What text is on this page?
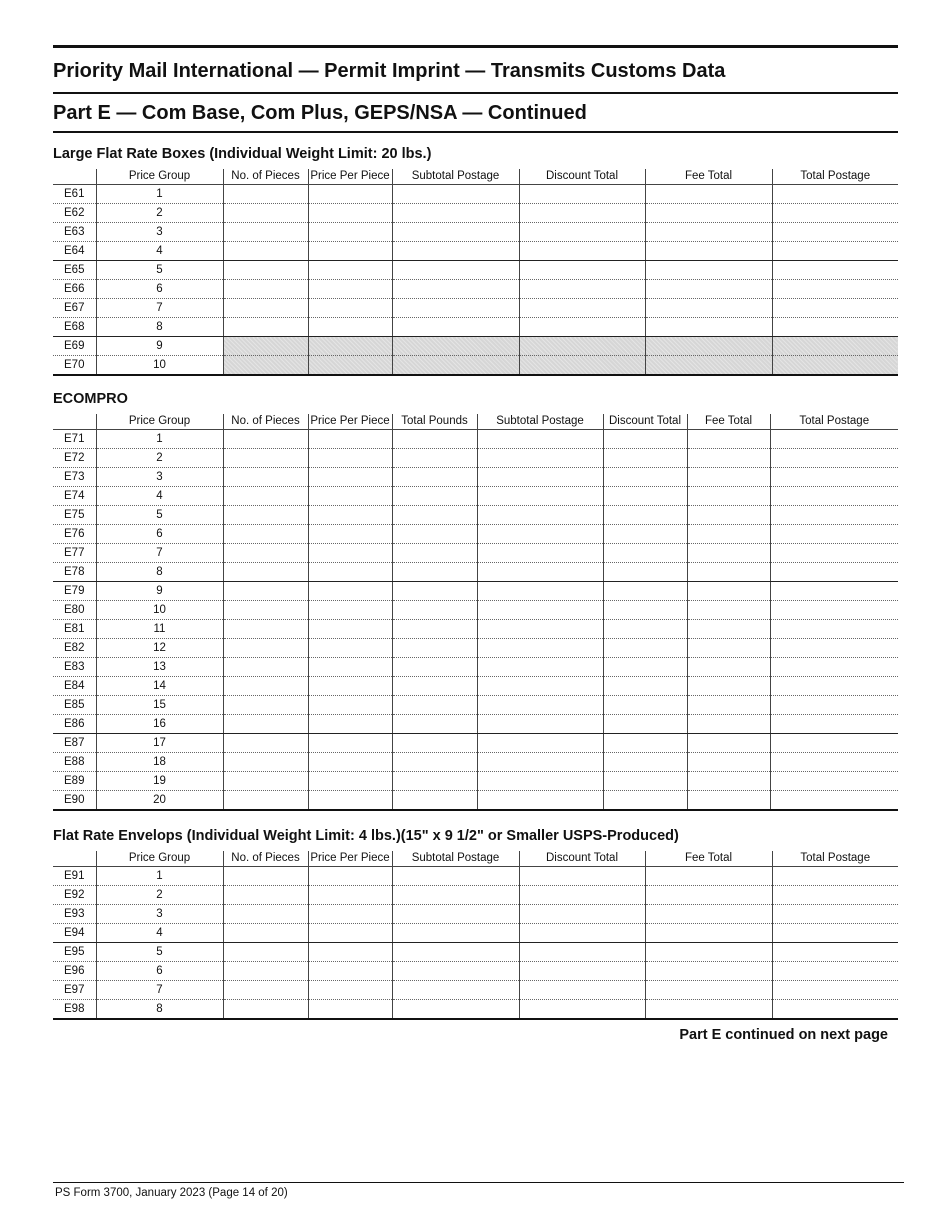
Priority Mail International — Permit Imprint — Transmits Customs Data
Part E — Com Base, Com Plus, GEPS/NSA — Continued
Large Flat Rate Boxes (Individual Weight Limit: 20 lbs.)
	Price Group	No. of Pieces	Price Per Piece	Subtotal Postage	Discount Total	Fee Total	Total Postage
E61	1						
E62	2						
E63	3						
E64	4						
E65	5						
E66	6						
E67	7						
E68	8						
E69	9						
E70	10						
ECOMPRO
	Price Group	No. of Pieces	Price Per Piece	Total Pounds	Subtotal Postage	Discount Total	Fee Total	Total Postage
E71	1							
E72	2							
E73	3							
E74	4							
E75	5							
E76	6							
E77	7							
E78	8							
E79	9							
E80	10							
E81	11							
E82	12							
E83	13							
E84	14							
E85	15							
E86	16							
E87	17							
E88	18							
E89	19							
E90	20							
Flat Rate Envelops (Individual Weight Limit: 4 lbs.)(15" x 9 1/2" or Smaller USPS-Produced)
	Price Group	No. of Pieces	Price Per Piece	Subtotal Postage	Discount Total	Fee Total	Total Postage
E91	1						
E92	2						
E93	3						
E94	4						
E95	5						
E96	6						
E97	7						
E98	8						
Part E continued on next page
PS Form 3700, January 2023 (Page 14 of 20)
